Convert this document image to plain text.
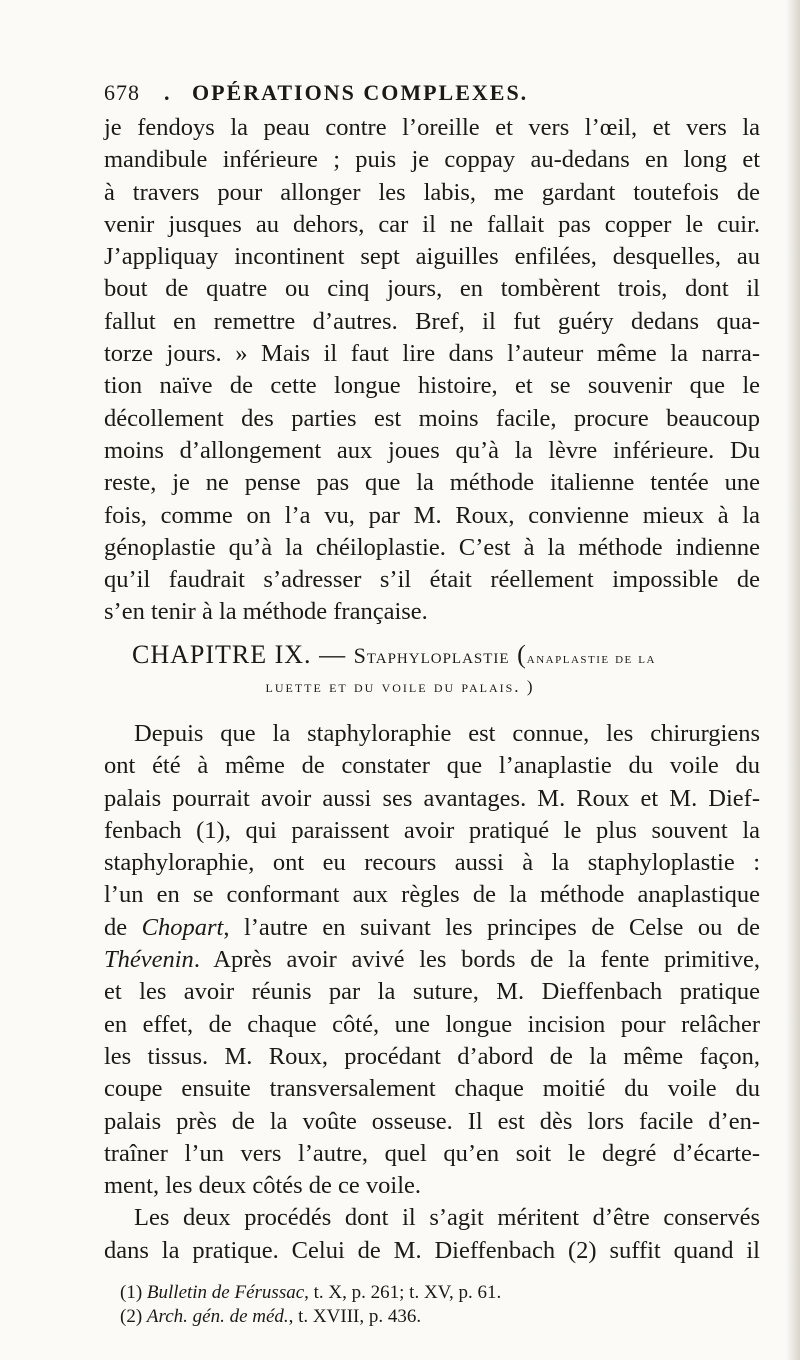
678 . OPÉRATIONS COMPLEXES.
je fendoys la peau contre l’oreille et vers l’œil, et vers la
mandibule inférieure ; puis je coppay au-dedans en long et
à travers pour allonger les labis, me gardant toutefois de
venir jusques au dehors, car il ne fallait pas copper le cuir.
J’appliquay incontinent sept aiguilles enfilées, desquelles, au
bout de quatre ou cinq jours, en tombèrent trois, dont il
fallut en remettre d’autres. Bref, il fut guéry dedans qua-
torze jours. » Mais il faut lire dans l’auteur même la narra-
tion naïve de cette longue histoire, et se souvenir que le
décollement des parties est moins facile, procure beaucoup
moins d’allongement aux joues qu’à la lèvre inférieure. Du
reste, je ne pense pas que la méthode italienne tentée une
fois, comme on l’a vu, par M. Roux, convienne mieux à la
génoplastie qu’à la chéiloplastie. C’est à la méthode indienne
qu’il faudrait s’adresser s’il était réellement impossible de
s’en tenir à la méthode française.
CHAPITRE IX. — Staphyloplastie (anaplastie de la
luette et du voile du palais. )
Depuis que la staphyloraphie est connue, les chirurgiens
ont été à même de constater que l’anaplastie du voile du
palais pourrait avoir aussi ses avantages. M. Roux et M. Dief-
fenbach (1), qui paraissent avoir pratiqué le plus souvent la
staphyloraphie, ont eu recours aussi à la staphyloplastie :
l’un en se conformant aux règles de la méthode anaplastique
de Chopart, l’autre en suivant les principes de Celse ou de
Thévenin. Après avoir avivé les bords de la fente primitive,
et les avoir réunis par la suture, M. Dieffenbach pratique
en effet, de chaque côté, une longue incision pour relâcher
les tissus. M. Roux, procédant d’abord de la même façon,
coupe ensuite transversalement chaque moitié du voile du
palais près de la voûte osseuse. Il est dès lors facile d’en-
traîner l’un vers l’autre, quel qu’en soit le degré d’écarte-
ment, les deux côtés de ce voile.
Les deux procédés dont il s’agit méritent d’être conservés
dans la pratique. Celui de M. Dieffenbach (2) suffit quand il
(1) Bulletin de Férussac, t. X, p. 261; t. XV, p. 61.
(2) Arch. gén. de méd., t. XVIII, p. 436.
